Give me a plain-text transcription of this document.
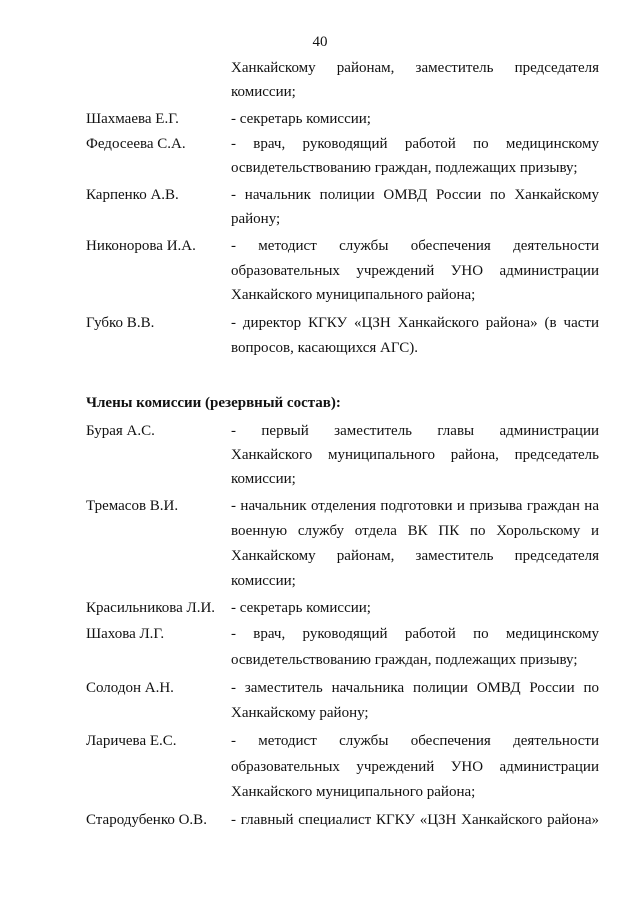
40
Ханкайскому районам, заместитель председателя
комиссии;
Шахмаева Е.Г.	- секретарь комиссии;
Федосеева С.А.	- врач, руководящий работой по медицинскому
освидетельствованию граждан, подлежащих призыву;
Карпенко А.В.	- начальник полиции ОМВД России по Ханкайскому
району;
Никонорова И.А. - методист службы обеспечения деятельности
образовательных учреждений УНО администрации
Ханкайского муниципального района;
Губко В.В.	- директор КГКУ «ЦЗН Ханкайского района» (в части
вопросов, касающихся АГС).
Члены комиссии (резервный состав):
Бурая А.С.	- первый заместитель главы администрации
Ханкайского муниципального района, председатель
комиссии;
Тремасов В.И.	- начальник отделения подготовки и призыва граждан на
военную службу отдела ВК ПК по Хорольскому и
Ханкайскому районам, заместитель председателя
комиссии;
Красильникова Л.И. - секретарь комиссии;
Шахова Л.Г.	- врач, руководящий работой по медицинскому
освидетельствованию граждан, подлежащих призыву;
Солодон А.Н.	- заместитель начальника полиции ОМВД России по
Ханкайскому району;
Ларичева Е.С.	- методист службы обеспечения деятельности
образовательных учреждений УНО администрации
Ханкайского муниципального района;
Стародубенко О.В. - главный специалист КГКУ «ЦЗН Ханкайского района»
